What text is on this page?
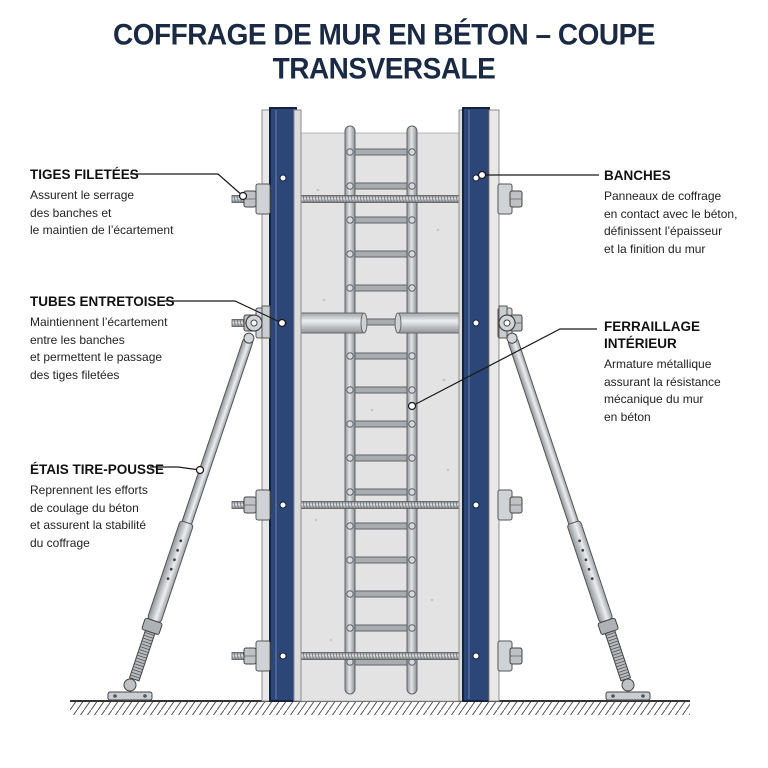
COFFRAGE DE MUR EN BÉTON – COUPE TRANSVERSALE
TIGES FILETÉES
Assurent le serrage
des banches et
le maintien de l’écartement
TUBES ENTRETOISES
Maintiennent l’écartement
entre les banches
et permettent le passage
des tiges filetées
ÉTAIS TIRE-POUSSE
Reprennent les efforts
de coulage du béton
et assurent la stabilité
du coffrage
BANCHES
Panneaux de coffrage
en contact avec le béton,
définissent l’épaisseur
et la finition du mur
FERRAILLAGE
INTÉRIEUR
Armature métallique
assurant la résistance
mécanique du mur
en béton
